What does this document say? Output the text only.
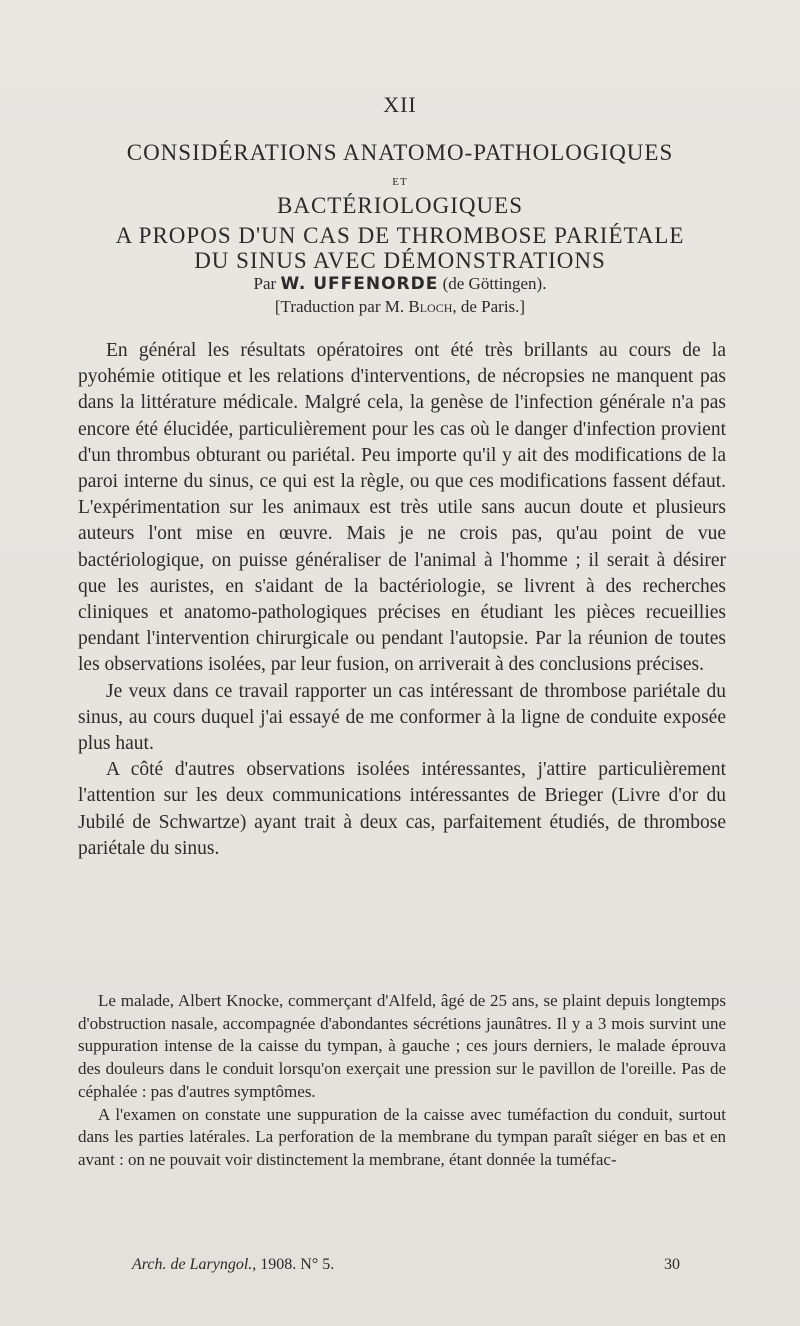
XII
CONSIDÉRATIONS ANATOMO-PATHOLOGIQUES
ET
BACTÉRIOLOGIQUES
A PROPOS D'UN CAS DE THROMBOSE PARIÉTALE
DU SINUS AVEC DÉMONSTRATIONS
Par W. UFFENORDE (de Göttingen).
[Traduction par M. Bloch, de Paris.]

En général les résultats opératoires ont été très brillants au cours de la pyohémie otitique et les relations d'interventions, de nécropsies ne manquent pas dans la littérature médicale. Malgré cela, la genèse de l'infection générale n'a pas encore été élucidée, particulièrement pour les cas où le danger d'infection provient d'un thrombus obturant ou pariétal. Peu importe qu'il y ait des modifications de la paroi interne du sinus, ce qui est la règle, ou que ces modifications fassent défaut. L'expérimentation sur les animaux est très utile sans aucun doute et plusieurs auteurs l'ont mise en œuvre. Mais je ne crois pas, qu'au point de vue bactériologique, on puisse généraliser de l'animal à l'homme ; il serait à désirer que les auristes, en s'aidant de la bactériologie, se livrent à des recherches cliniques et anatomo-pathologiques précises en étudiant les pièces recueillies pendant l'intervention chirurgicale ou pendant l'autopsie. Par la réunion de toutes les observations isolées, par leur fusion, on arriverait à des conclusions précises.

Je veux dans ce travail rapporter un cas intéressant de thrombose pariétale du sinus, au cours duquel j'ai essayé de me conformer à la ligne de conduite exposée plus haut.

A côté d'autres observations isolées intéressantes, j'attire particulièrement l'attention sur les deux communications intéressantes de Brieger (Livre d'or du Jubilé de Schwartze) ayant trait à deux cas, parfaitement étudiés, de thrombose pariétale du sinus.

Le malade, Albert Knocke, commerçant d'Alfeld, âgé de 25 ans, se plaint depuis longtemps d'obstruction nasale, accompagnée d'abondantes sécrétions jaunâtres. Il y a 3 mois survint une suppuration intense de la caisse du tympan, à gauche ; ces jours derniers, le malade éprouva des douleurs dans le conduit lorsqu'on exerçait une pression sur le pavillon de l'oreille. Pas de céphalée : pas d'autres symptômes.

A l'examen on constate une suppuration de la caisse avec tuméfaction du conduit, surtout dans les parties latérales. La perforation de la membrane du tympan paraît siéger en bas et en avant : on ne pouvait voir distinctement la membrane, étant donnée la tuméfac-

Arch. de Laryngol., 1908. N° 5.	30
